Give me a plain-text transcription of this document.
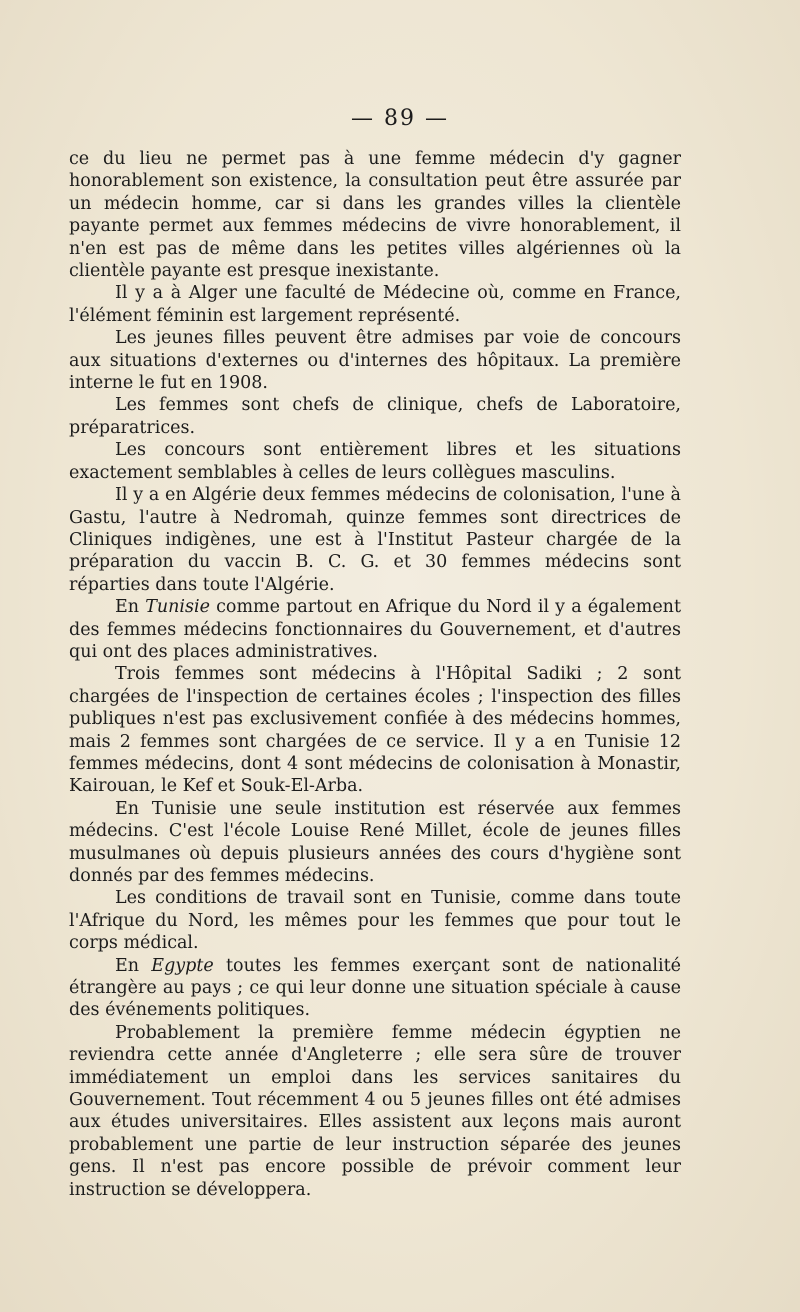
— 89 —

ce du lieu ne permet pas à une femme médecin d'y gagner honorablement son existence, la consultation peut être assurée par un médecin homme, car si dans les grandes villes la clientèle payante permet aux femmes médecins de vivre honorablement, il n'en est pas de même dans les petites villes algériennes où la clientèle payante est presque inexistante.

Il y a à Alger une faculté de Médecine où, comme en France, l'élément féminin est largement représenté.

Les jeunes filles peuvent être admises par voie de concours aux situations d'externes ou d'internes des hôpitaux. La première interne le fut en 1908.

Les femmes sont chefs de clinique, chefs de Laboratoire, préparatrices.

Les concours sont entièrement libres et les situations exactement semblables à celles de leurs collègues masculins.

Il y a en Algérie deux femmes médecins de colonisation, l'une à Gastu, l'autre à Nedromah, quinze femmes sont directrices de Cliniques indigènes, une est à l'Institut Pasteur chargée de la préparation du vaccin B. C. G. et 30 femmes médecins sont réparties dans toute l'Algérie.

En Tunisie comme partout en Afrique du Nord il y a également des femmes médecins fonctionnaires du Gouvernement, et d'autres qui ont des places administratives.

Trois femmes sont médecins à l'Hôpital Sadiki ; 2 sont chargées de l'inspection de certaines écoles ; l'inspection des filles publiques n'est pas exclusivement confiée à des médecins hommes, mais 2 femmes sont chargées de ce service. Il y a en Tunisie 12 femmes médecins, dont 4 sont médecins de colonisation à Monastir, Kairouan, le Kef et Souk-El-Arba.

En Tunisie une seule institution est réservée aux femmes médecins. C'est l'école Louise René Millet, école de jeunes filles musulmanes où depuis plusieurs années des cours d'hygiène sont donnés par des femmes médecins.

Les conditions de travail sont en Tunisie, comme dans toute l'Afrique du Nord, les mêmes pour les femmes que pour tout le corps médical.

En Egypte toutes les femmes exerçant sont de nationalité étrangère au pays ; ce qui leur donne une situation spéciale à cause des événements politiques.

Probablement la première femme médecin égyptien ne reviendra cette année d'Angleterre ; elle sera sûre de trouver immédiatement un emploi dans les services sanitaires du Gouvernement. Tout récemment 4 ou 5 jeunes filles ont été admises aux études universitaires. Elles assistent aux leçons mais auront probablement une partie de leur instruction séparée des jeunes gens. Il n'est pas encore possible de prévoir comment leur instruction se développera.
